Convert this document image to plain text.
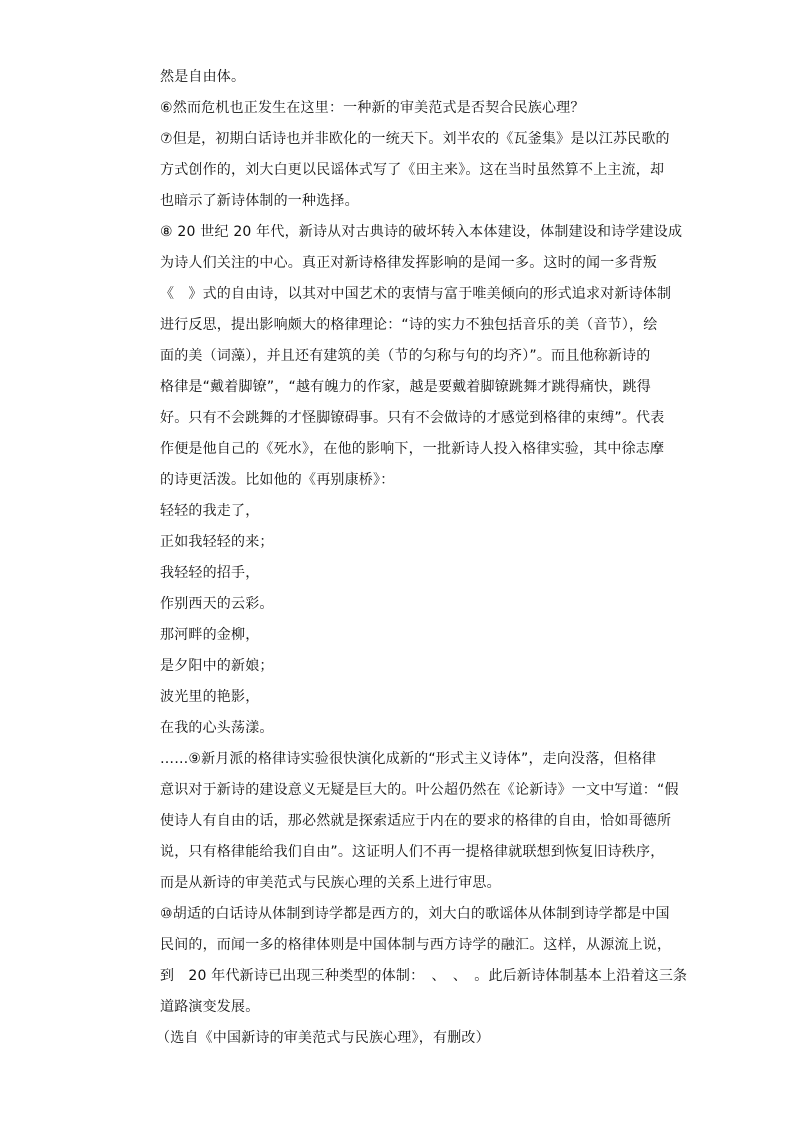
然是自由体。
⑥然而危机也正发生在这里：一种新的审美范式是否契合民族心理？
⑦但是，初期白话诗也并非欧化的一统天下。刘半农的《瓦釜集》是以江苏民歌的
方式创作的，刘大白更以民谣体式写了《田主来》。这在当时虽然算不上主流，却
也暗示了新诗体制的一种选择。
⑧ 20 世纪 20 年代，新诗从对古典诗的破坏转入本体建设，体制建设和诗学建设成
为诗人们关注的中心。真正对新诗格律发挥影响的是闻一多。这时的闻一多背叛
《　》式的自由诗，以其对中国艺术的衷情与富于唯美倾向的形式追求对新诗体制
进行反思，提出影响颇大的格律理论：“诗的实力不独包括音乐的美（音节），绘
面的美（词藻），并且还有建筑的美（节的匀称与句的均齐）”。而且他称新诗的
格律是“戴着脚镣”，“越有魄力的作家，越是要戴着脚镣跳舞才跳得痛快，跳得
好。只有不会跳舞的才怪脚镣碍事。只有不会做诗的才感觉到格律的束缚”。代表
作便是他自己的《死水》，在他的影响下，一批新诗人投入格律实验，其中徐志摩
的诗更活泼。比如他的《再别康桥》：
轻轻的我走了，
正如我轻轻的来；
我轻轻的招手，
作别西天的云彩。
那河畔的金柳，
是夕阳中的新娘；
波光里的艳影，
在我的心头荡漾。
……⑨新月派的格律诗实验很快演化成新的“形式主义诗体”，走向没落，但格律
意识对于新诗的建设意义无疑是巨大的。叶公超仍然在《论新诗》一文中写道：“假
使诗人有自由的话，那必然就是探索适应于内在的要求的格律的自由，恰如哥德所
说，只有格律能给我们自由”。这证明人们不再一提格律就联想到恢复旧诗秩序，
而是从新诗的审美范式与民族心理的关系上进行审思。
⑩胡适的白话诗从体制到诗学都是西方的，刘大白的歌谣体从体制到诗学都是中国
民间的，而闻一多的格律体则是中国体制与西方诗学的融汇。这样，从源流上说，
到　20 年代新诗已出现三种类型的体制：　、　、　。此后新诗体制基本上沿着这三条
道路演变发展。
（选自《中国新诗的审美范式与民族心理》，有删改）
